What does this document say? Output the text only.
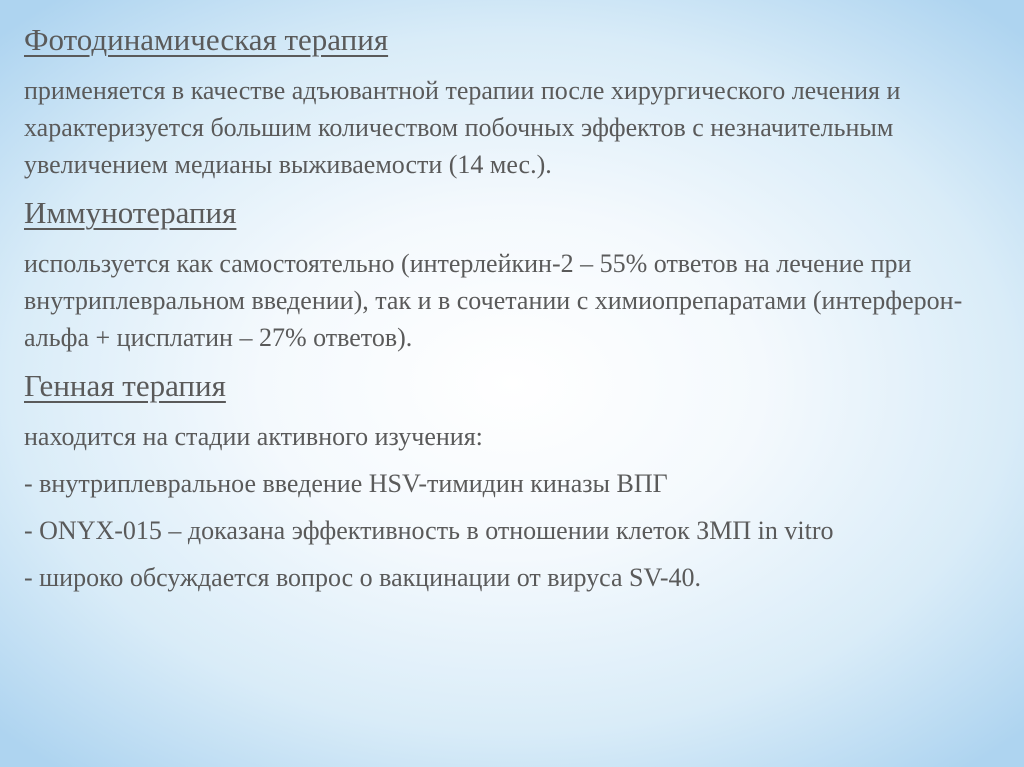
Фотодинамическая терапия
применяется в качестве адъювантной терапии после хирургического лечения и характеризуется большим количеством побочных эффектов с незначительным увеличением медианы выживаемости (14 мес.).
Иммунотерапия
используется как самостоятельно (интерлейкин-2 – 55% ответов на лечение при внутриплевральном введении), так и в сочетании с химиопрепаратами (интерферон-альфа + цисплатин – 27% ответов).
Генная терапия
находится на стадии активного изучения:
- внутриплевральное введение HSV-тимидин киназы ВПГ
- ONYX-015 – доказана эффективность в отношении клеток ЗМП in vitro
- широко обсуждается вопрос о вакцинации от вируса SV-40.
